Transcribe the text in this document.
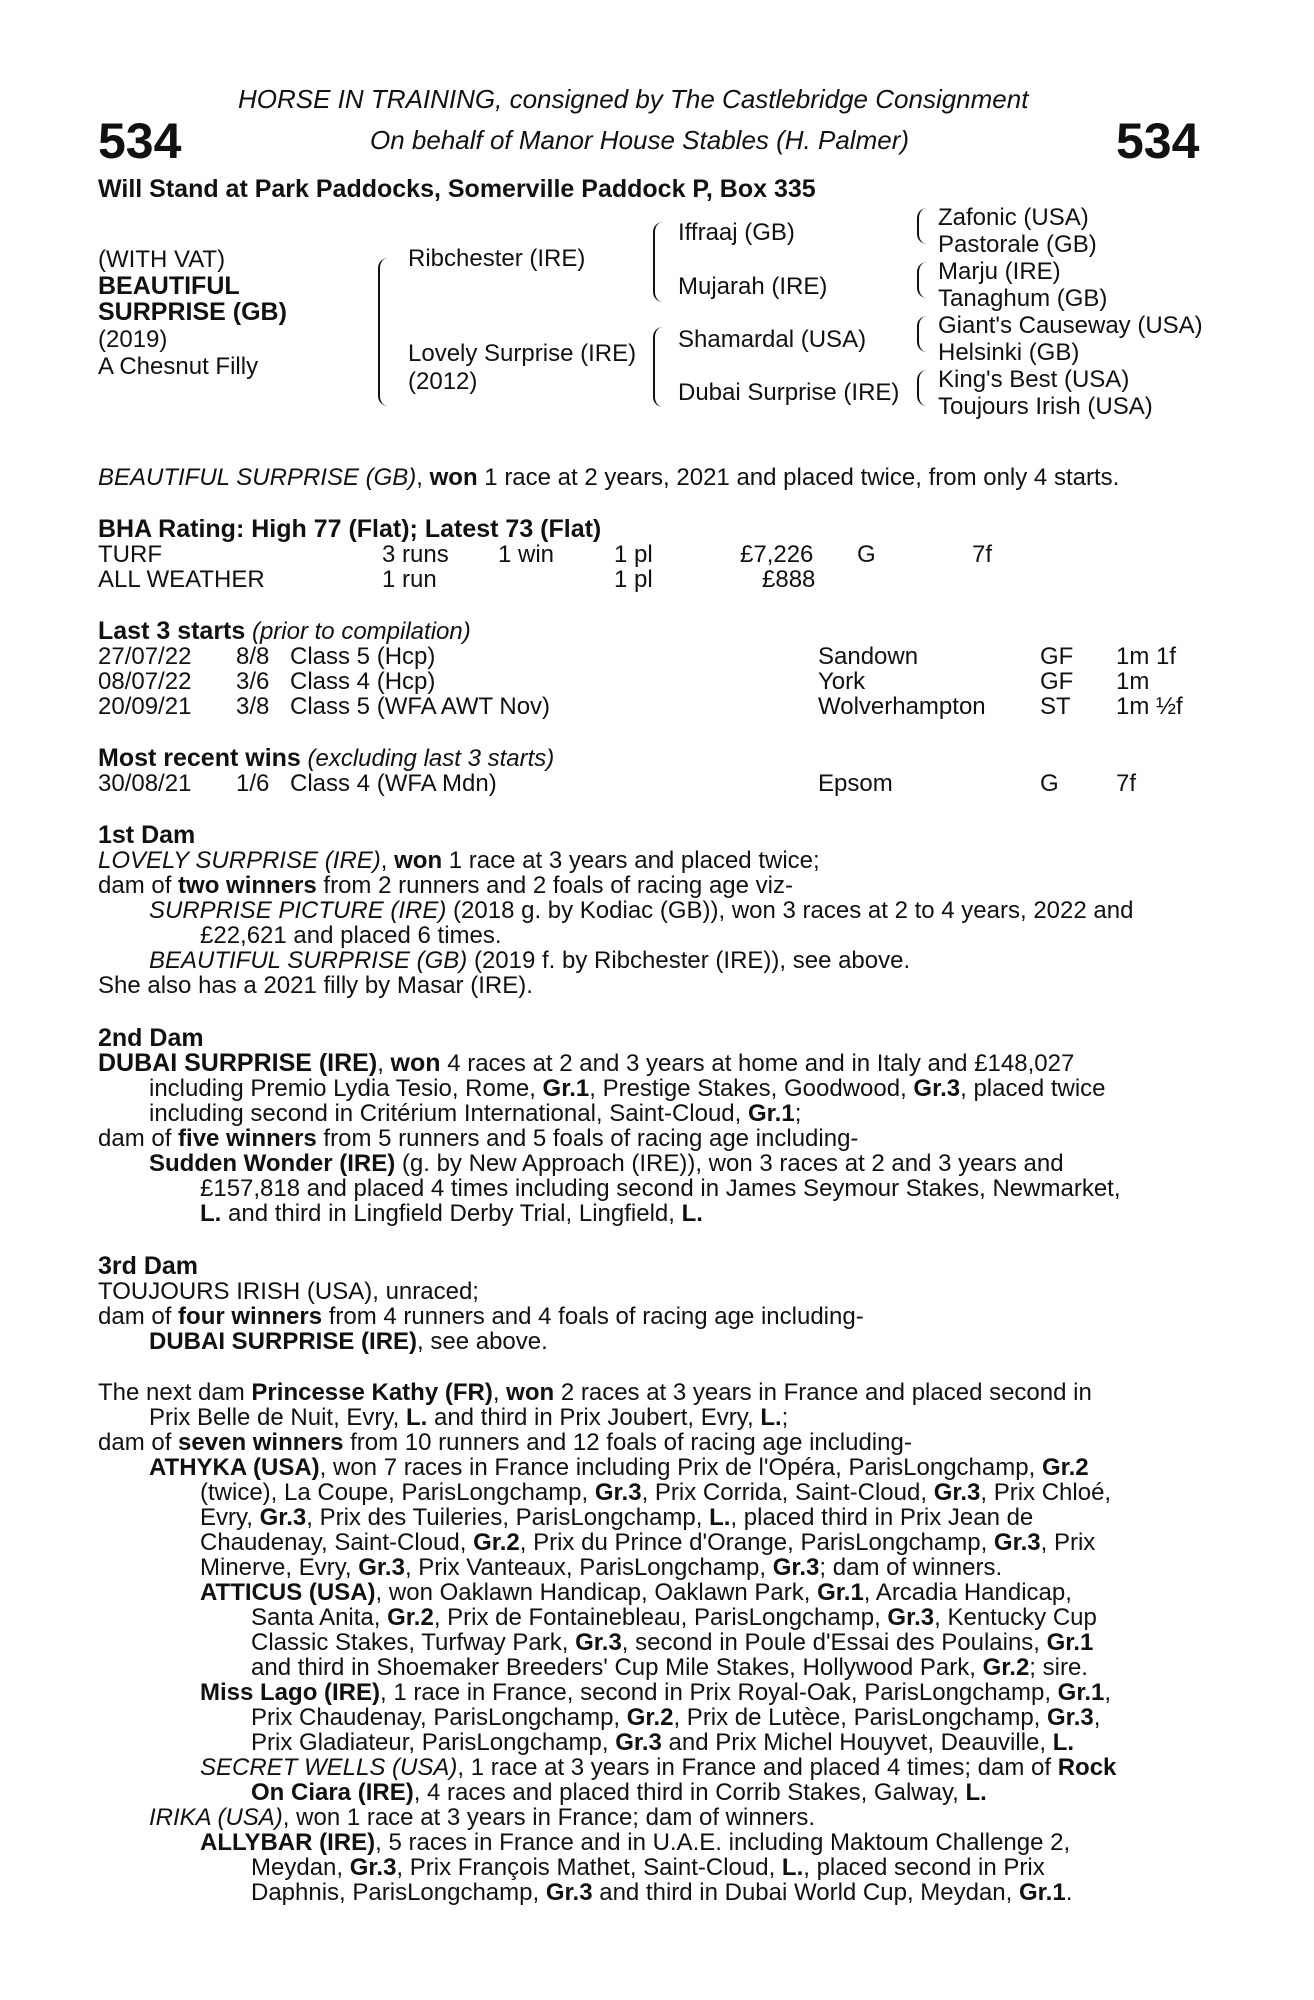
534	534
HORSE IN TRAINING, consigned by The Castlebridge Consignment
On behalf of Manor House Stables (H. Palmer)
Will Stand at Park Paddocks, Somerville Paddock P, Box 335
(WITH VAT)
BEAUTIFUL
SURPRISE (GB)
(2019)
A Chesnut Filly
Ribchester (IRE)
Lovely Surprise (IRE)
(2012)
Iffraaj (GB)
Mujarah (IRE)
Shamardal (USA)
Dubai Surprise (IRE)
Zafonic (USA)
Pastorale (GB)
Marju (IRE)
Tanaghum (GB)
Giant's Causeway (USA)
Helsinki (GB)
King's Best (USA)
Toujours Irish (USA)
BEAUTIFUL SURPRISE (GB), won 1 race at 2 years, 2021 and placed twice, from only 4 starts.
BHA Rating: High 77 (Flat); Latest 73 (Flat)
TURF	3 runs 1 win 1 pl	£7,226 G	7f
ALL WEATHER	1 run	1 pl	£888
Last 3 starts (prior to compilation)
27/07/22 8/8 Class 5 (Hcp)	Sandown	GF 1m 1f
08/07/22 3/6 Class 4 (Hcp)	York	GF 1m
20/09/21 3/8 Class 5 (WFA AWT Nov)	Wolverhampton ST 1m ½f
Most recent wins (excluding last 3 starts)
30/08/21 1/6 Class 4 (WFA Mdn)	Epsom	G 7f
1st Dam
LOVELY SURPRISE (IRE), won 1 race at 3 years and placed twice;
dam of two winners from 2 runners and 2 foals of racing age viz-
SURPRISE PICTURE (IRE) (2018 g. by Kodiac (GB)), won 3 races at 2 to 4 years, 2022 and
£22,621 and placed 6 times.
BEAUTIFUL SURPRISE (GB) (2019 f. by Ribchester (IRE)), see above.
She also has a 2021 filly by Masar (IRE).
2nd Dam
DUBAI SURPRISE (IRE), won 4 races at 2 and 3 years at home and in Italy and £148,027
including Premio Lydia Tesio, Rome, Gr.1, Prestige Stakes, Goodwood, Gr.3, placed twice
including second in Critérium International, Saint-Cloud, Gr.1;
dam of five winners from 5 runners and 5 foals of racing age including-
Sudden Wonder (IRE) (g. by New Approach (IRE)), won 3 races at 2 and 3 years and
£157,818 and placed 4 times including second in James Seymour Stakes, Newmarket,
L. and third in Lingfield Derby Trial, Lingfield, L.
3rd Dam
TOUJOURS IRISH (USA), unraced;
dam of four winners from 4 runners and 4 foals of racing age including-
DUBAI SURPRISE (IRE), see above.
The next dam Princesse Kathy (FR), won 2 races at 3 years in France and placed second in
Prix Belle de Nuit, Evry, L. and third in Prix Joubert, Evry, L.;
dam of seven winners from 10 runners and 12 foals of racing age including-
ATHYKA (USA), won 7 races in France including Prix de l'Opéra, ParisLongchamp, Gr.2
(twice), La Coupe, ParisLongchamp, Gr.3, Prix Corrida, Saint-Cloud, Gr.3, Prix Chloé,
Evry, Gr.3, Prix des Tuileries, ParisLongchamp, L., placed third in Prix Jean de
Chaudenay, Saint-Cloud, Gr.2, Prix du Prince d'Orange, ParisLongchamp, Gr.3, Prix
Minerve, Evry, Gr.3, Prix Vanteaux, ParisLongchamp, Gr.3; dam of winners.
ATTICUS (USA), won Oaklawn Handicap, Oaklawn Park, Gr.1, Arcadia Handicap,
Santa Anita, Gr.2, Prix de Fontainebleau, ParisLongchamp, Gr.3, Kentucky Cup
Classic Stakes, Turfway Park, Gr.3, second in Poule d'Essai des Poulains, Gr.1
and third in Shoemaker Breeders' Cup Mile Stakes, Hollywood Park, Gr.2; sire.
Miss Lago (IRE), 1 race in France, second in Prix Royal-Oak, ParisLongchamp, Gr.1,
Prix Chaudenay, ParisLongchamp, Gr.2, Prix de Lutèce, ParisLongchamp, Gr.3,
Prix Gladiateur, ParisLongchamp, Gr.3 and Prix Michel Houyvet, Deauville, L.
SECRET WELLS (USA), 1 race at 3 years in France and placed 4 times; dam of Rock
On Ciara (IRE), 4 races and placed third in Corrib Stakes, Galway, L.
IRIKA (USA), won 1 race at 3 years in France; dam of winners.
ALLYBAR (IRE), 5 races in France and in U.A.E. including Maktoum Challenge 2,
Meydan, Gr.3, Prix François Mathet, Saint-Cloud, L., placed second in Prix
Daphnis, ParisLongchamp, Gr.3 and third in Dubai World Cup, Meydan, Gr.1.
